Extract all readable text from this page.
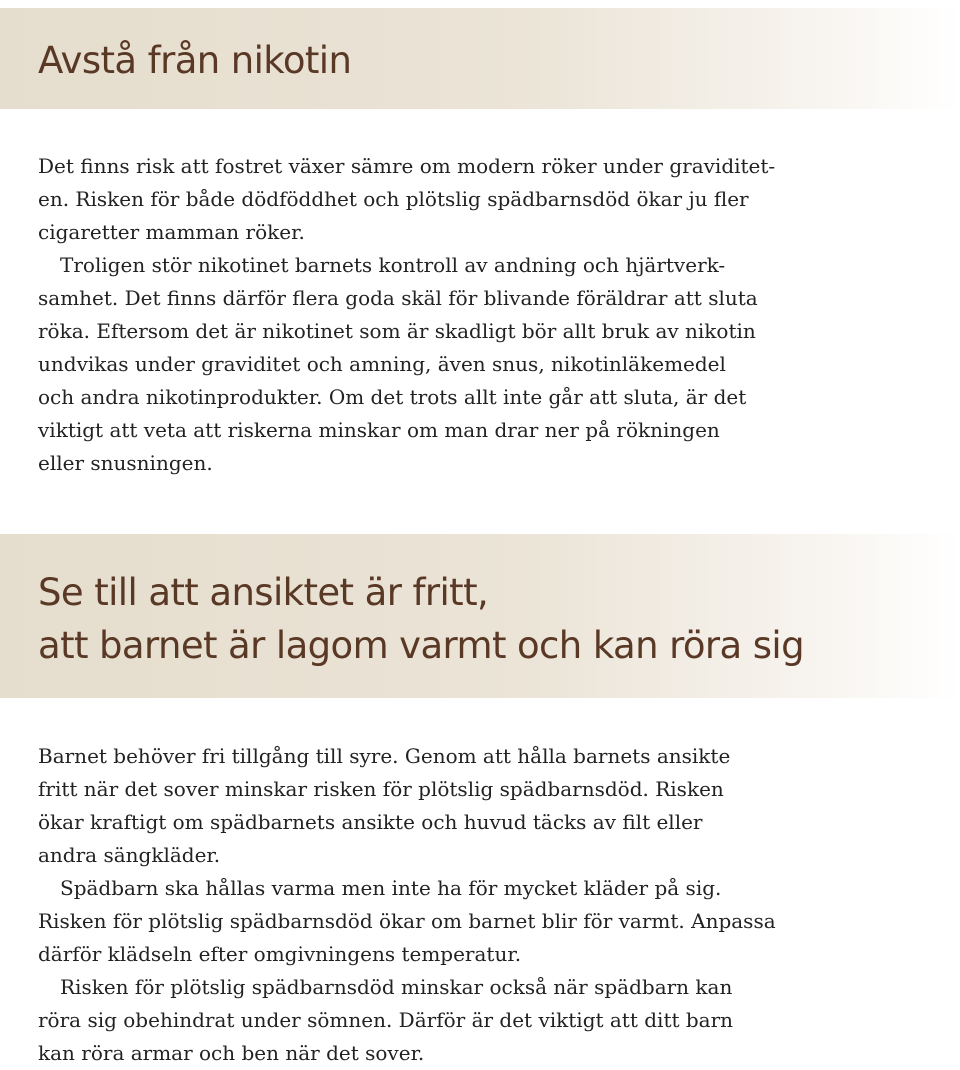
Avstå från nikotin
Det finns risk att fostret växer sämre om modern röker under graviditet-
en. Risken för både dödföddhet och plötslig spädbarnsdöd ökar ju fler
cigaretter mamman röker.
Troligen stör nikotinet barnets kontroll av andning och hjärtverk-
samhet. Det finns därför flera goda skäl för blivande föräldrar att sluta
röka. Eftersom det är nikotinet som är skadligt bör allt bruk av nikotin
undvikas under graviditet och amning, även snus, nikotinläkemedel
och andra nikotinprodukter. Om det trots allt inte går att sluta, är det
viktigt att veta att riskerna minskar om man drar ner på rökningen
eller snusningen.
Se till att ansiktet är fritt,
att barnet är lagom varmt och kan röra sig
Barnet behöver fri tillgång till syre. Genom att hålla barnets ansikte
fritt när det sover minskar risken för plötslig spädbarnsdöd. Risken
ökar kraftigt om spädbarnets ansikte och huvud täcks av filt eller
andra sängkläder.
Spädbarn ska hållas varma men inte ha för mycket kläder på sig.
Risken för plötslig spädbarnsdöd ökar om barnet blir för varmt. Anpassa
därför klädseln efter omgivningens temperatur.
Risken för plötslig spädbarnsdöd minskar också när spädbarn kan
röra sig obehindrat under sömnen. Därför är det viktigt att ditt barn
kan röra armar och ben när det sover.
